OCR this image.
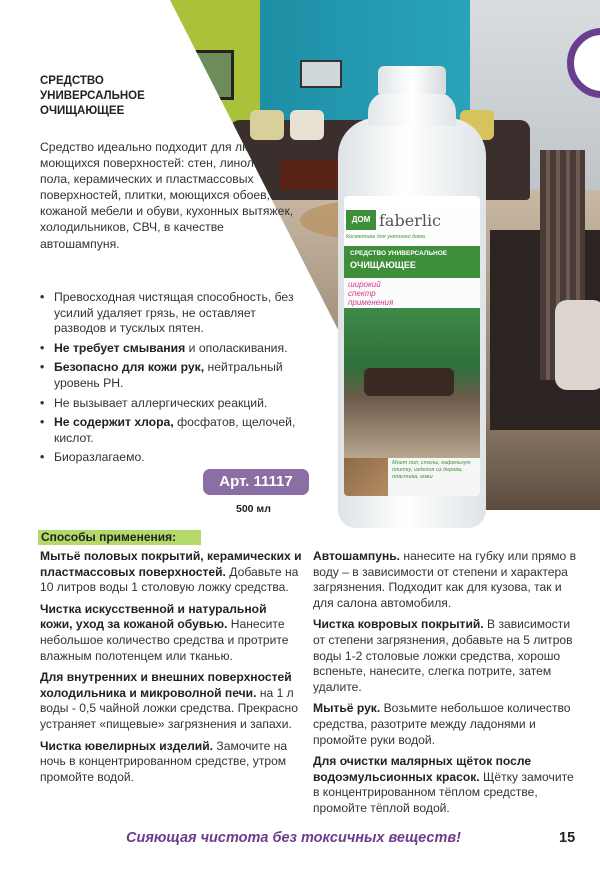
ДОМ faberlic
Косметика для уютного дома
СРЕДСТВО УНИВЕРСАЛЬНОЕ
ОЧИЩАЮЩЕЕ
широкий спектр применения
Моет пол, стены, кафельную плитку, изделия из дерева, пластика, кожи
СРЕДСТВО УНИВЕРСАЛЬНОЕ ОЧИЩАЮЩЕЕ
Средство идеально подходит для любых моющихся поверхностей: стен, линолеума, пола, керамических и пластмассовых поверхностей, плитки, моющихся обоев, кожаной мебели и обуви, кухонных вытяжек, холодильников, СВЧ, в качестве автошампуня.
• Превосходная чистящая способность, без усилий удаляет грязь, не оставляет разводов и тусклых пятен.
• Не требует смывания и ополаскивания.
• Безопасно для кожи рук, нейтральный уровень PH.
• Не вызывает аллергических реакций.
• Не содержит хлора, фосфатов, щелочей, кислот.
• Биоразлагаемо.
Арт. 11117
500 мл
Способы применения:

Мытьё половых покрытий, керамических и пластмассовых поверхностей. Добавьте на 10 литров воды 1 столовую ложку средства.

Чистка искусственной и натуральной кожи, уход за кожаной обувью. Нанесите небольшое количество средства и протрите влажным полотенцем или тканью.

Для внутренних и внешних поверхностей холодильника и микроволной печи. на 1 л воды - 0,5 чайной ложки средства. Прекрасно устраняет «пищевые» загрязнения и запахи.

Чистка ювелирных изделий. Замочите на ночь в концентрированном средстве, утром промойте водой.

Автошампунь. нанесите на губку или прямо в воду – в зависимости от степени и характера загрязнения. Подходит как для кузова, так и для салона автомобиля.

Чистка ковровых покрытий. В зависимости от степени загрязнения, добавьте на 5 литров воды 1-2 столовые ложки средства, хорошо вспеньте, нанесите, слегка потрите, затем удалите.

Мытьё рук. Возьмите небольшое количество средства, разотрите между ладонями и промойте руки водой.

Для очистки малярных щёток после водоэмульсионных красок. Щётку замочите в концентрированном тёплом средстве, промойте тёплой водой.

Сияющая чистота без токсичных веществ!	15
